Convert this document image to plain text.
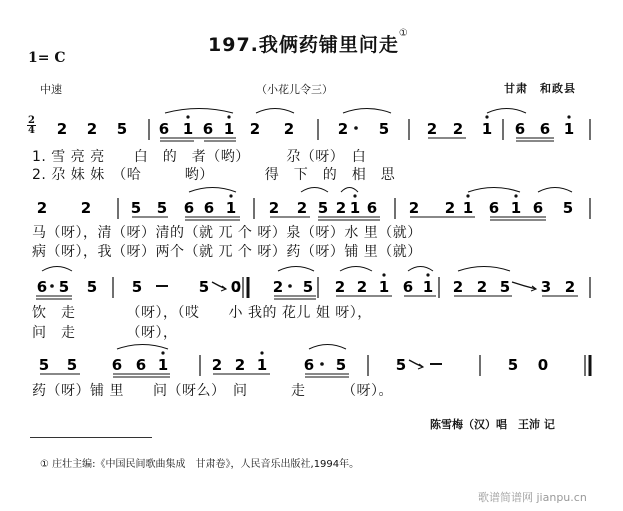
197.我俩药铺里问走①
1= C
中速	（小花儿令三）	甘肃　和政县
2
4 2 2 5 6 1 6 1 2 2	2 5	2 2 1 6 6 1
2 2	5 5 6 6 1 2 2 5 2 1 6 2 2 1 6 1 6 5
6 5 5 5	5 0 2 5 2 2 1 6 1 2 2 5 3 2
5 5 6 6 1	2 2 1 6 5	5	5 0
1. 雪 亮 亮　　白　的　者（哟）　　　尕（呀）　白
2. 尕 妹 妹　（哈　　　哟）　　　　得　下　的　相　思
马（呀），清（呀）清的（就 兀 个 呀）泉（呀）水 里（就）
病（呀），我（呀）两个（就 兀 个 呀）药（呀）铺 里（就）
饮　走　　　　（呀），（哎　　小 我的 花儿 姐 呀），
问　走　　　　（呀），
药（呀）铺 里　　问（呀么）　问　　　走　　　（呀）。
陈雪梅（汉）唱　王沛 记
① 庄壮主编:《中国民间歌曲集成　甘肃卷》，人民音乐出版社,1994年。
歌谱简谱网 jianpu.cn
